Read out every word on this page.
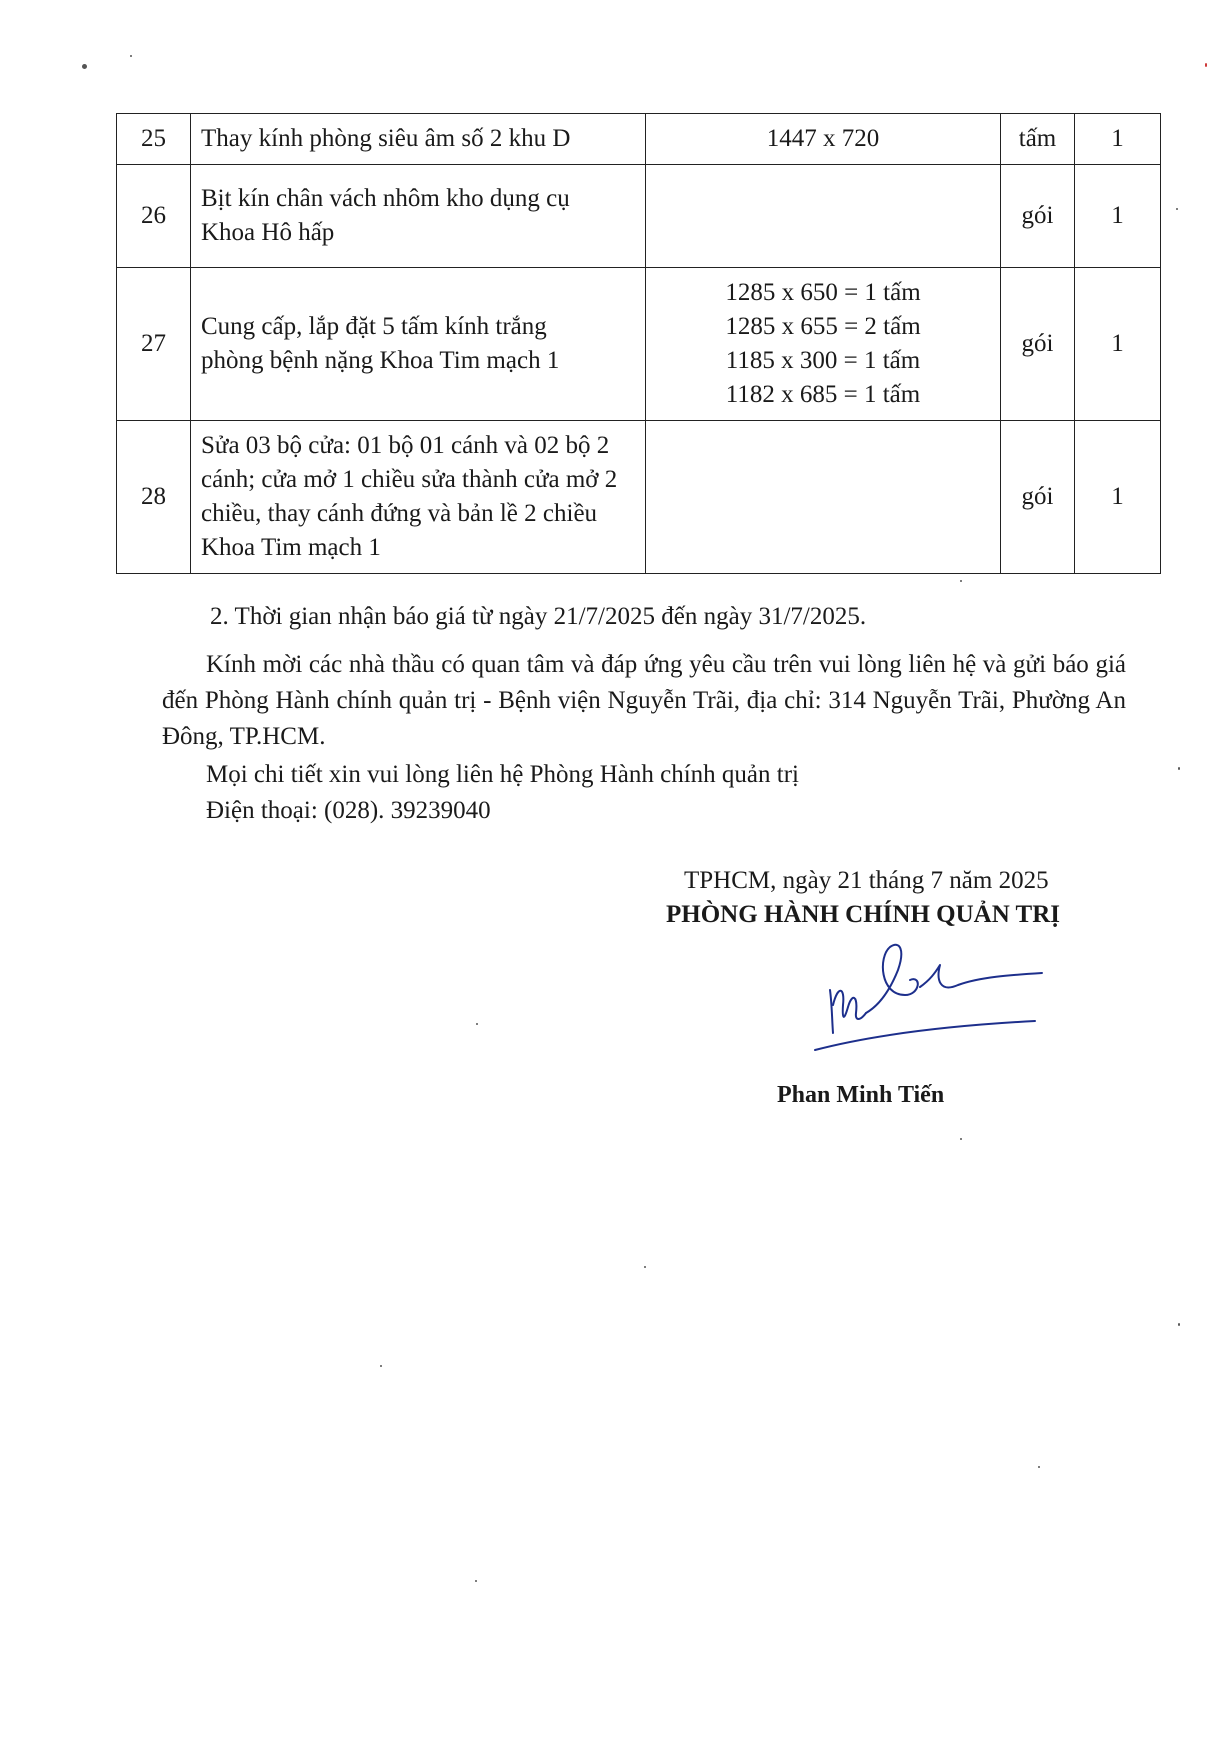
25	Thay kính phòng siêu âm số 2 khu D	1447 x 720	tấm	1
26	Bịt kín chân vách nhôm kho dụng cụ
Khoa Hô hấp		gói	1
27	Cung cấp, lắp đặt 5 tấm kính trắng
phòng bệnh nặng Khoa Tim mạch 1	1285 x 650 = 1 tấm
1285 x 655 = 2 tấm
1185 x 300 = 1 tấm
1182 x 685 = 1 tấm	gói	1
28	Sửa 03 bộ cửa: 01 bộ 01 cánh và 02 bộ 2 cánh; cửa mở 1 chiều sửa thành cửa mở 2 chiều, thay cánh đứng và bản lề 2 chiều Khoa Tim mạch 1		gói	1
2. Thời gian nhận báo giá từ ngày 21/7/2025 đến ngày 31/7/2025.
Kính mời các nhà thầu có quan tâm và đáp ứng yêu cầu trên vui lòng liên hệ và gửi báo giá đến Phòng Hành chính quản trị - Bệnh viện Nguyễn Trãi, địa chỉ: 314 Nguyễn Trãi, Phường An Đông, TP.HCM.
Mọi chi tiết xin vui lòng liên hệ Phòng Hành chính quản trị
Điện thoại: (028). 39239040
TPHCM, ngày 21 tháng 7 năm 2025
PHÒNG HÀNH CHÍNH QUẢN TRỊ
Phan Minh Tiến
